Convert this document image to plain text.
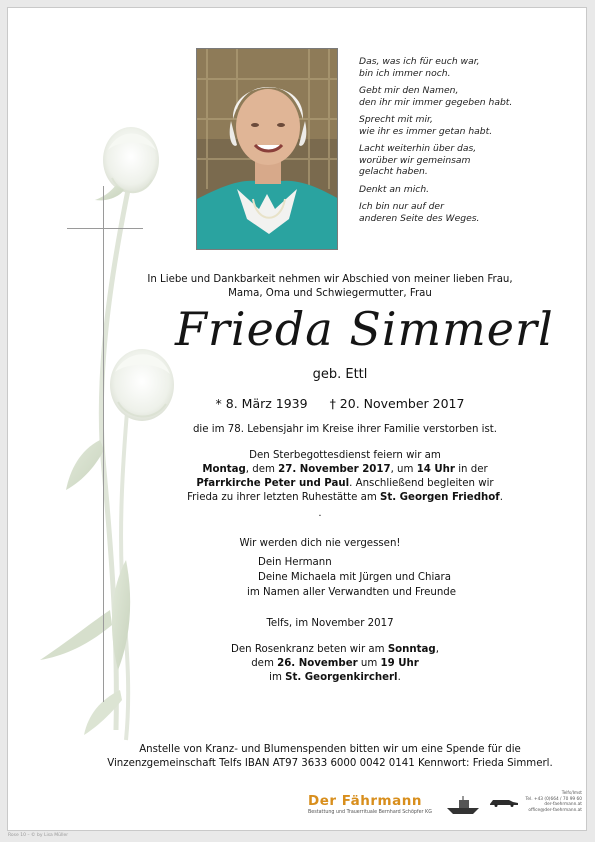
Das, was ich für euch war,
bin ich immer noch.
Gebt mir den Namen,
den ihr mir immer gegeben habt.
Sprecht mit mir,
wie ihr es immer getan habt.
Lacht weiterhin über das,
worüber wir gemeinsam
gelacht haben.
Denkt an mich.
Ich bin nur auf der
anderen Seite des Weges.
In Liebe und Dankbarkeit nehmen wir Abschied von meiner lieben Frau,
Mama, Oma und Schwiegermutter, Frau
Frieda Simmerl
geb. Ettl
* 8. März 1939 † 20. November 2017
die im 78. Lebensjahr im Kreise ihrer Familie verstorben ist.
Den Sterbegottesdienst feiern wir am
Montag, dem 27. November 2017, um 14 Uhr in der
Pfarrkirche Peter und Paul. Anschließend begleiten wir
Frieda zu ihrer letzten Ruhestätte am St. Georgen Friedhof.
.
Wir werden dich nie vergessen!
Dein Hermann
Deine Michaela mit Jürgen und Chiara
im Namen aller Verwandten und Freunde
Telfs, im November 2017
Den Rosenkranz beten wir am Sonntag,
dem 26. November um 19 Uhr
im St. Georgenkircherl.
Anstelle von Kranz- und Blumenspenden bitten wir um eine Spende für die
Vinzenzgemeinschaft Telfs IBAN AT97 3633 6000 0042 0141 Kennwort: Frieda Simmerl.
Der Fährmann
Bestattung und Trauerrituale Bernhard Schöpfer KG
Telfs/Imst
Tel. +43 (0)664 / 70 99 60
der-faehrmann.at
office@der-faehrmann.at
Rose 10 – © by Lisa Müller
